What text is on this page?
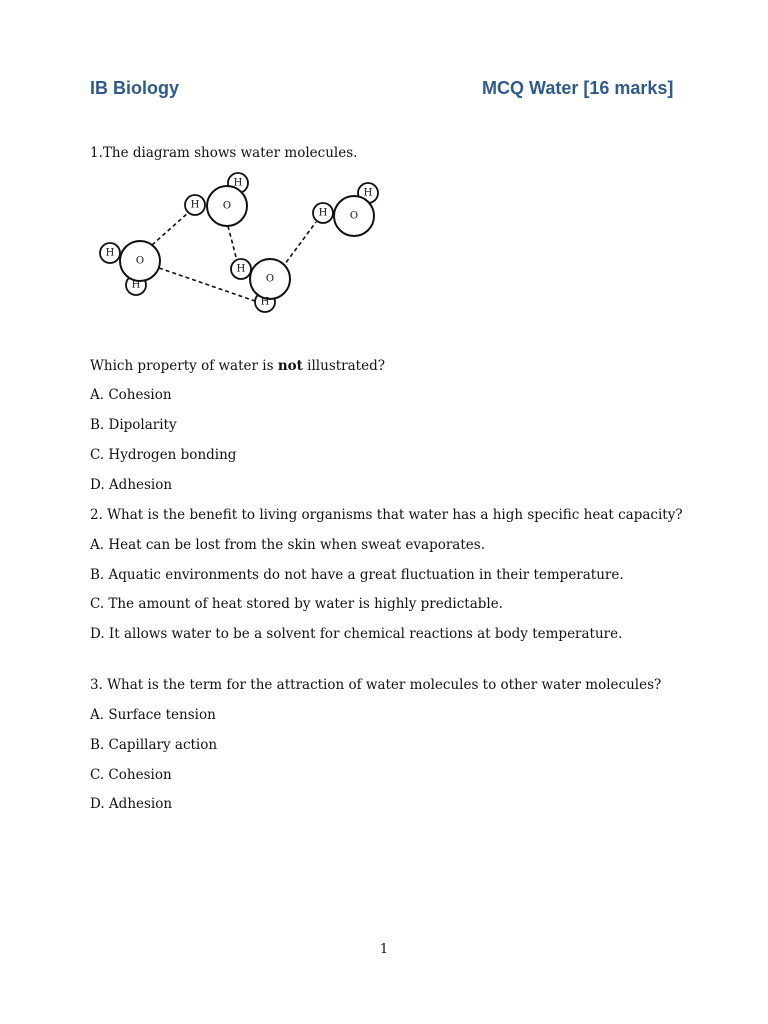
IB Biology	MCQ Water [16 marks]
1.The diagram shows water molecules.
H
H
O
H
H
O
H
H
O
H
H
O
Which property of water is not illustrated?
A. Cohesion
B. Dipolarity
C. Hydrogen bonding
D. Adhesion
2. What is the benefit to living organisms that water has a high specific heat capacity?
A. Heat can be lost from the skin when sweat evaporates.
B. Aquatic environments do not have a great fluctuation in their temperature.
C. The amount of heat stored by water is highly predictable.
D. It allows water to be a solvent for chemical reactions at body temperature.
3. What is the term for the attraction of water molecules to other water molecules?
A. Surface tension
B. Capillary action
C. Cohesion
D. Adhesion
1
